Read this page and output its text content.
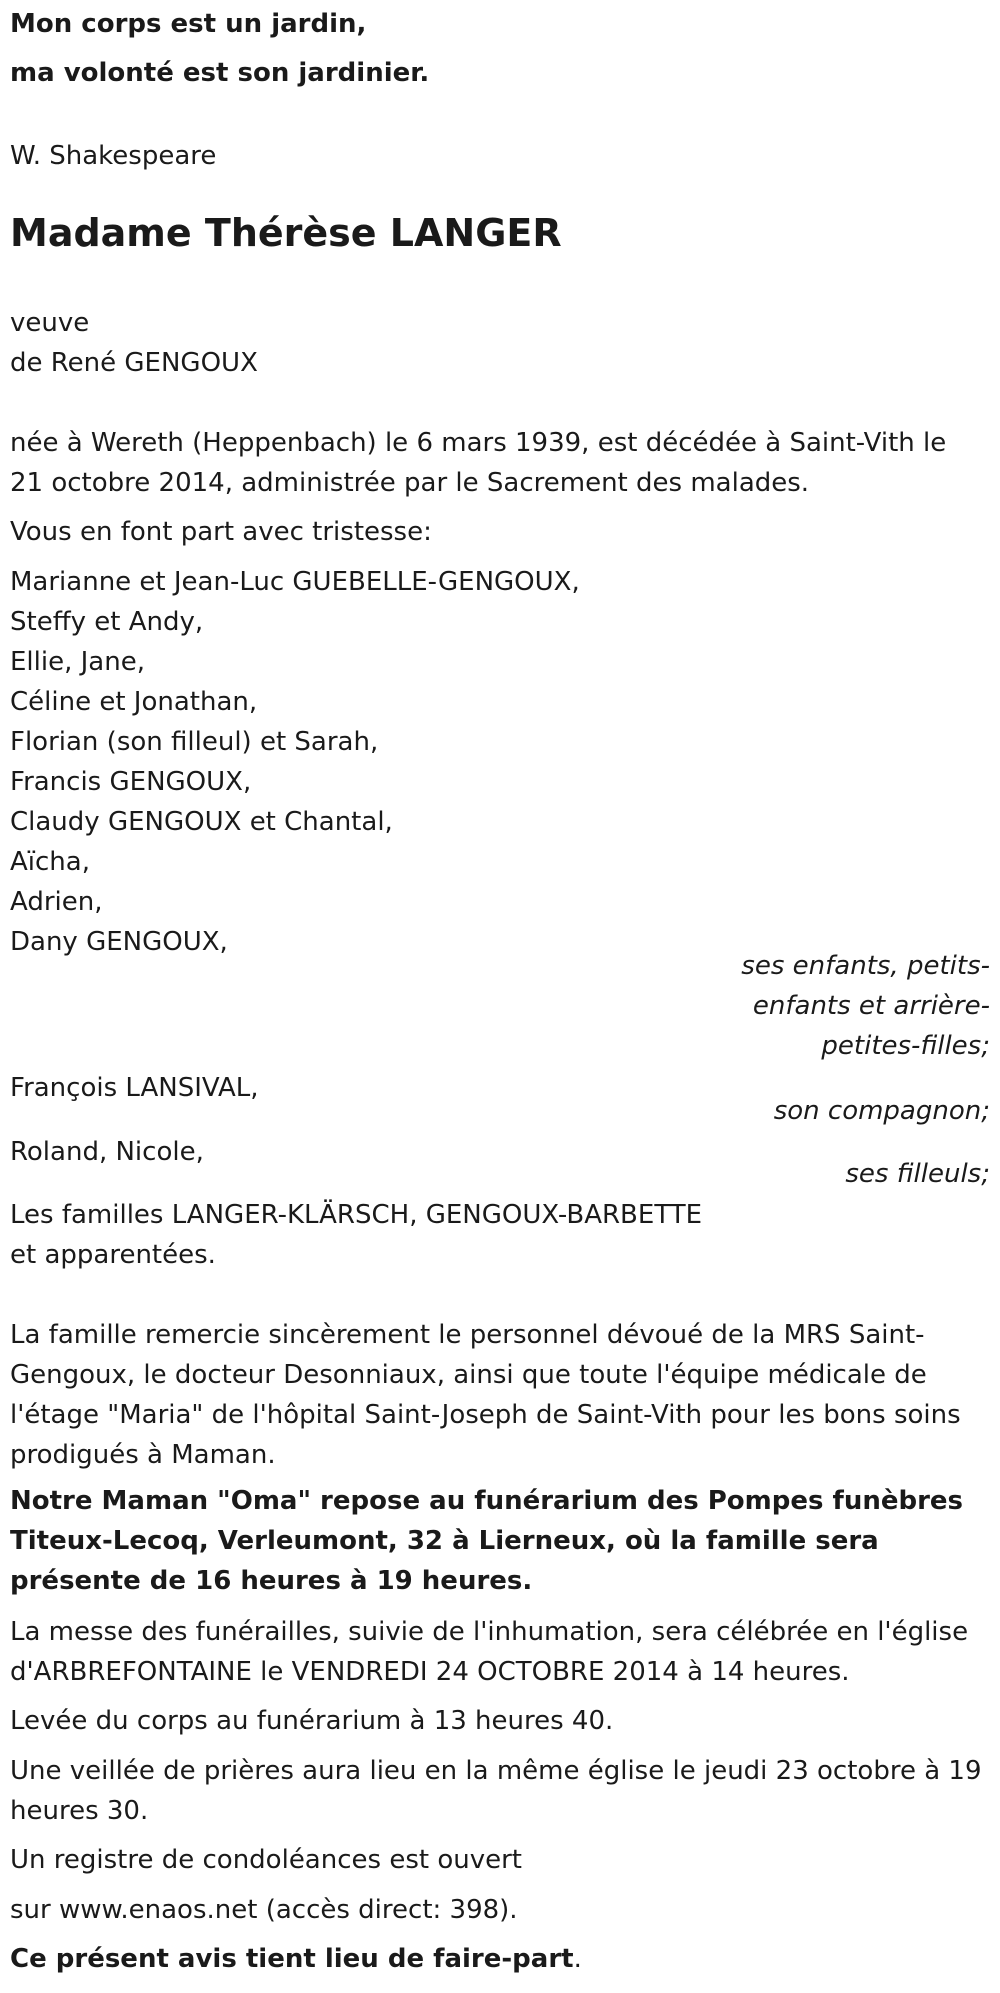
Mon corps est un jardin,
ma volonté est son jardinier.
W. Shakespeare
Madame Thérèse LANGER
veuve
de René GENGOUX

née à Wereth (Heppenbach) le 6 mars 1939, est décédée à Saint-Vith le 21 octobre 2014, administrée par le Sacrement des malades.

Vous en font part avec tristesse:
Marianne et Jean-Luc GUEBELLE-GENGOUX,
Steffy et Andy,
Ellie, Jane,
Céline et Jonathan,
Florian (son filleul) et Sarah,
Francis GENGOUX,
Claudy GENGOUX et Chantal,
Aïcha,
Adrien,
Dany GENGOUX,
ses enfants, petits-
enfants et arrière-
petites-filles;
François LANSIVAL,
son compagnon;
Roland, Nicole,
ses filleuls;
Les familles LANGER-KLÄRSCH, GENGOUX-BARBETTE
et apparentées.

La famille remercie sincèrement le personnel dévoué de la MRS Saint-Gengoux, le docteur Desonniaux, ainsi que toute l'équipe médicale de l'étage "Maria" de l'hôpital Saint-Joseph de Saint-Vith pour les bons soins prodigués à Maman.

Notre Maman "Oma" repose au funérarium des Pompes funèbres Titeux-Lecoq, Verleumont, 32 à Lierneux, où la famille sera présente de 16 heures à 19 heures.

La messe des funérailles, suivie de l'inhumation, sera célébrée en l'église d'ARBREFONTAINE le VENDREDI 24 OCTOBRE 2014 à 14 heures.

Levée du corps au funérarium à 13 heures 40.

Une veillée de prières aura lieu en la même église le jeudi 23 octobre à 19 heures 30.

Un registre de condoléances est ouvert
sur www.enaos.net (accès direct: 398).
Ce présent avis tient lieu de faire-part.
